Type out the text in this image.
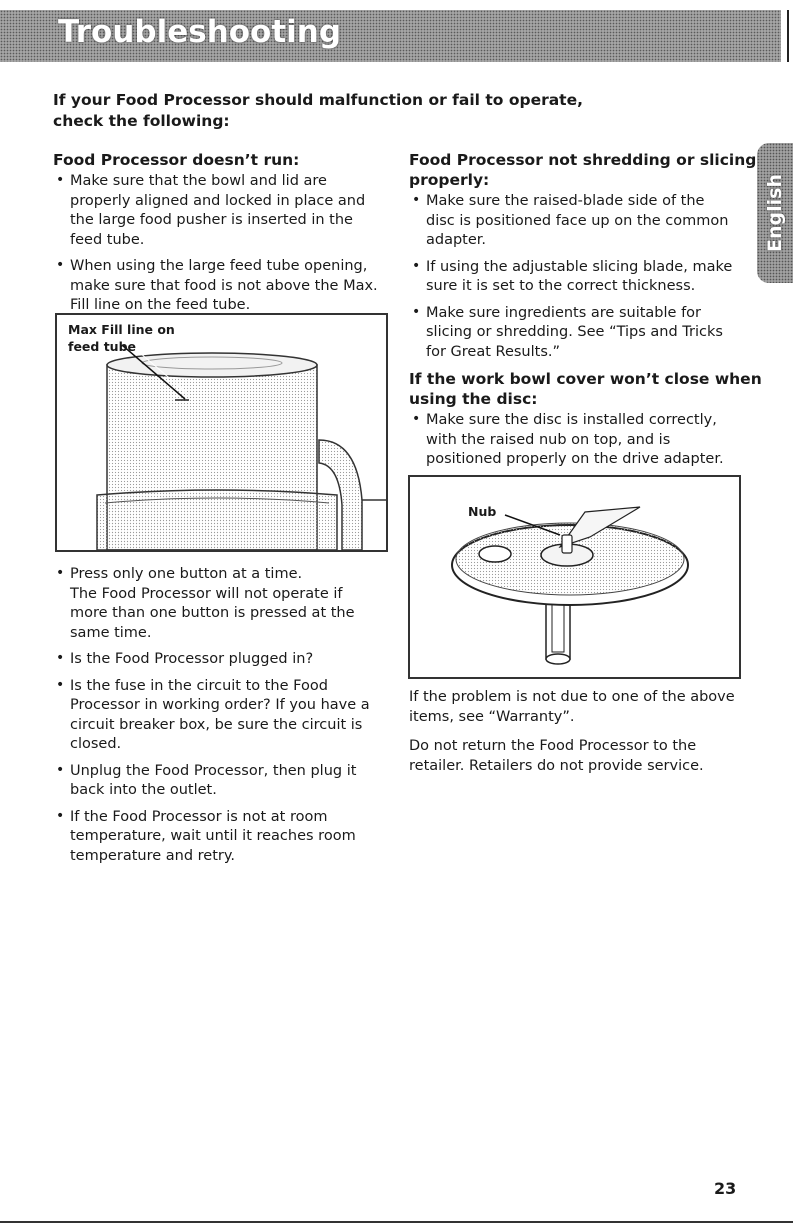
Troubleshooting
If your Food Processor should malfunction or fail to operate,
check the following:
English
Food Processor doesn’t run:
• Make sure that the bowl and lid are
properly aligned and locked in place and
the large food pusher is inserted in the
feed tube.
• When using the large feed tube opening,
make sure that food is not above the Max.
Fill line on the feed tube.
Max Fill line on
feed tube
• Press only one button at a time.
The Food Processor will not operate if
more than one button is pressed at the
same time.
• Is the Food Processor plugged in?
• Is the fuse in the circuit to the Food
Processor in working order? If you have a
circuit breaker box, be sure the circuit is
closed.
• Unplug the Food Processor, then plug it
back into the outlet.
• If the Food Processor is not at room
temperature, wait until it reaches room
temperature and retry.
Food Processor not shredding or slicing
properly:
• Make sure the raised-blade side of the
disc is positioned face up on the common
adapter.
• If using the adjustable slicing blade, make
sure it is set to the correct thickness.
• Make sure ingredients are suitable for
slicing or shredding. See “Tips and Tricks
for Great Results.”
If the work bowl cover won’t close when
using the disc:
• Make sure the disc is installed correctly,
with the raised nub on top, and is
positioned properly on the drive adapter.
Nub

If the problem is not due to one of the above
items, see “Warranty”.

Do not return the Food Processor to the
retailer. Retailers do not provide service.

23
